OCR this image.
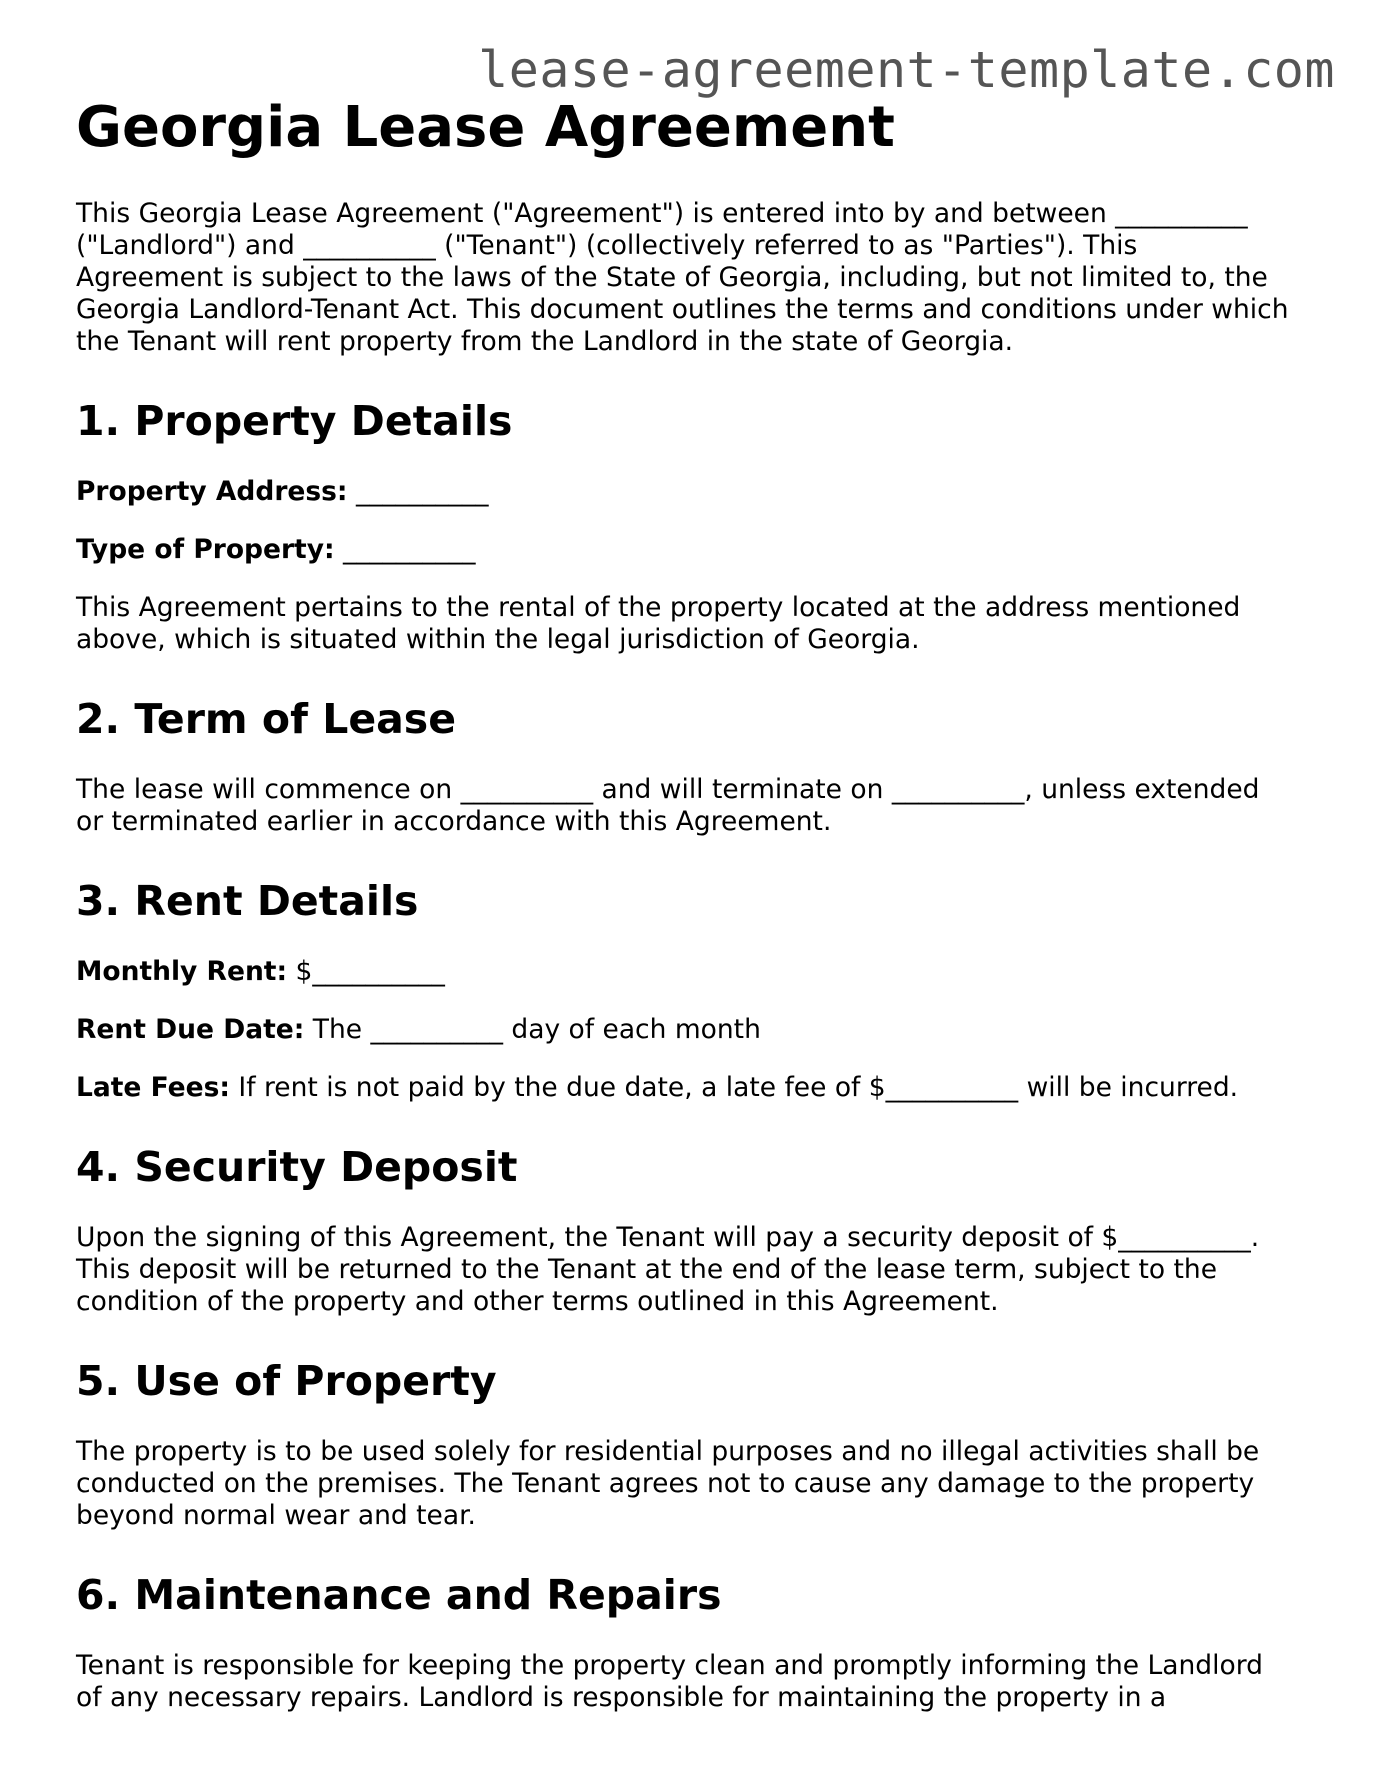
lease-agreement-template.com

Georgia Lease Agreement

This Georgia Lease Agreement ("Agreement") is entered into by and between __________ ("Landlord") and __________ ("Tenant") (collectively referred to as "Parties"). This Agreement is subject to the laws of the State of Georgia, including, but not limited to, the Georgia Landlord-Tenant Act. This document outlines the terms and conditions under which the Tenant will rent property from the Landlord in the state of Georgia.

1. Property Details

Property Address: __________

Type of Property: __________

This Agreement pertains to the rental of the property located at the address mentioned above, which is situated within the legal jurisdiction of Georgia.

2. Term of Lease

The lease will commence on __________ and will terminate on __________, unless extended or terminated earlier in accordance with this Agreement.

3. Rent Details

Monthly Rent: $__________

Rent Due Date: The __________ day of each month

Late Fees: If rent is not paid by the due date, a late fee of $__________ will be incurred.

4. Security Deposit

Upon the signing of this Agreement, the Tenant will pay a security deposit of $__________. This deposit will be returned to the Tenant at the end of the lease term, subject to the condition of the property and other terms outlined in this Agreement.

5. Use of Property

The property is to be used solely for residential purposes and no illegal activities shall be conducted on the premises. The Tenant agrees not to cause any damage to the property beyond normal wear and tear.

6. Maintenance and Repairs

Tenant is responsible for keeping the property clean and promptly informing the Landlord of any necessary repairs. Landlord is responsible for maintaining the property in a
